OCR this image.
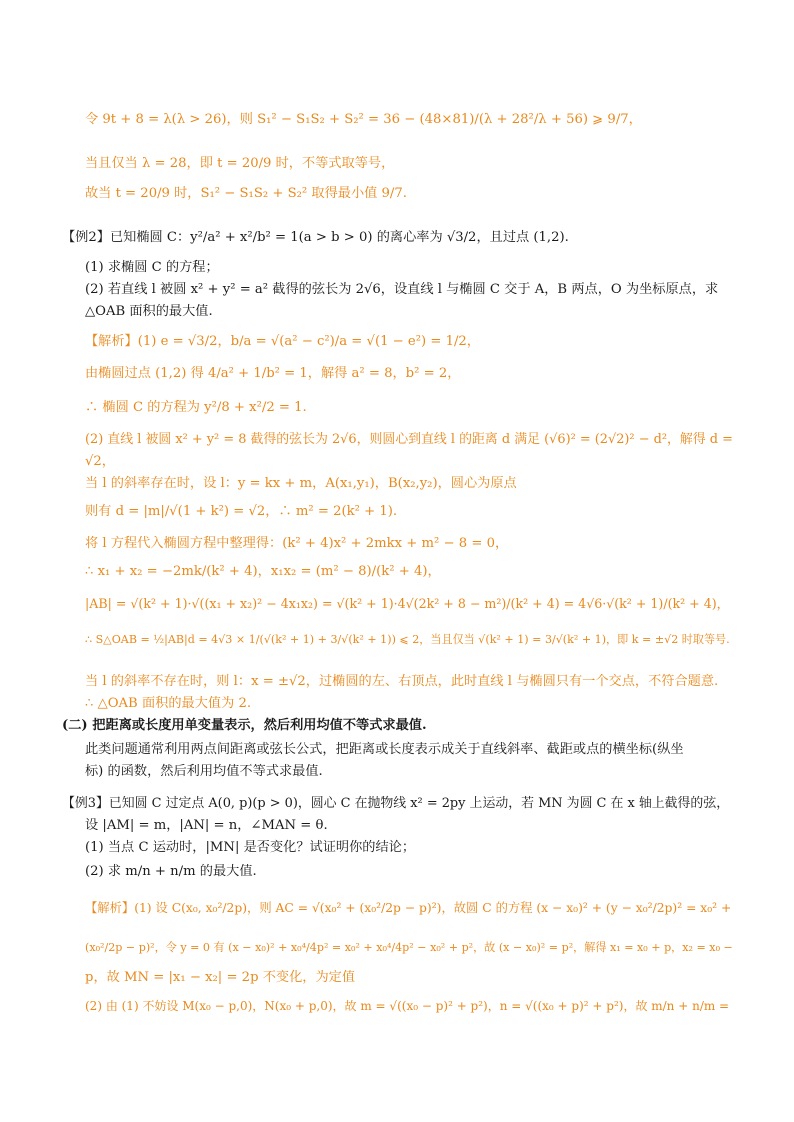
令 9t + 8 = λ(λ > 26)，则 S₁² − S₁S₂ + S₂² = 36 − (48×81)/(λ + 28²/λ + 56) ⩾ 9/7，
当且仅当 λ = 28，即 t = 20/9 时，不等式取等号，
故当 t = 20/9 时，S₁² − S₁S₂ + S₂² 取得最小值 9/7.
【例2】已知椭圆 C：y²/a² + x²/b² = 1(a > b > 0) 的离心率为 √3/2，且过点 (1,2).
(1) 求椭圆 C 的方程；
(2) 若直线 l 被圆 x² + y² = a² 截得的弦长为 2√6，设直线 l 与椭圆 C 交于 A，B 两点，O 为坐标原点，求
△OAB 面积的最大值.
【解析】(1) e = √3/2，b/a = √(a² − c²)/a = √(1 − e²) = 1/2，
由椭圆过点 (1,2) 得 4/a² + 1/b² = 1，解得 a² = 8，b² = 2，
∴ 椭圆 C 的方程为 y²/8 + x²/2 = 1.
(2) 直线 l 被圆 x² + y² = 8 截得的弦长为 2√6，则圆心到直线 l 的距离 d 满足 (√6)² = (2√2)² − d²，解得 d =
√2，
当 l 的斜率存在时，设 l：y = kx + m，A(x₁,y₁)，B(x₂,y₂)，圆心为原点
则有 d = |m|/√(1 + k²) = √2，∴ m² = 2(k² + 1).
将 l 方程代入椭圆方程中整理得：(k² + 4)x² + 2mkx + m² − 8 = 0，
∴ x₁ + x₂ = −2mk/(k² + 4)，x₁x₂ = (m² − 8)/(k² + 4)，
|AB| = √(k² + 1)·√((x₁ + x₂)² − 4x₁x₂) = √(k² + 1)·4√(2k² + 8 − m²)/(k² + 4) = 4√6·√(k² + 1)/(k² + 4)，
∴ S△OAB = ½|AB|d = 4√3 × 1/(√(k² + 1) + 3/√(k² + 1)) ⩽ 2，当且仅当 √(k² + 1) = 3/√(k² + 1)，即 k = ±√2 时取等号.
当 l 的斜率不存在时，则 l：x = ±√2，过椭圆的左、右顶点，此时直线 l 与椭圆只有一个交点，不符合题意.
∴ △OAB 面积的最大值为 2.
(二) 把距离或长度用单变量表示，然后利用均值不等式求最值.
此类问题通常利用两点间距离或弦长公式，把距离或长度表示成关于直线斜率、截距或点的横坐标(纵坐
标) 的函数，然后利用均值不等式求最值.
【例3】已知圆 C 过定点 A(0, p)(p > 0)，圆心 C 在抛物线 x² = 2py 上运动，若 MN 为圆 C 在 x 轴上截得的弦，
设 |AM| = m，|AN| = n，∠MAN = θ.
(1) 当点 C 运动时，|MN| 是否变化？试证明你的结论；
(2) 求 m/n + n/m 的最大值.
【解析】(1) 设 C(x₀, x₀²/2p)，则 AC = √(x₀² + (x₀²/2p − p)²)，故圆 C 的方程 (x − x₀)² + (y − x₀²/2p)² = x₀² +
(x₀²/2p − p)²，令 y = 0 有 (x − x₀)² + x₀⁴/4p² = x₀² + x₀⁴/4p² − x₀² + p²，故 (x − x₀)² = p²，解得 x₁ = x₀ + p，x₂ = x₀ −
p，故 MN = |x₁ − x₂| = 2p 不变化，为定值
(2) 由 (1) 不妨设 M(x₀ − p,0)，N(x₀ + p,0)，故 m = √((x₀ − p)² + p²)，n = √((x₀ + p)² + p²)，故 m/n + n/m =
